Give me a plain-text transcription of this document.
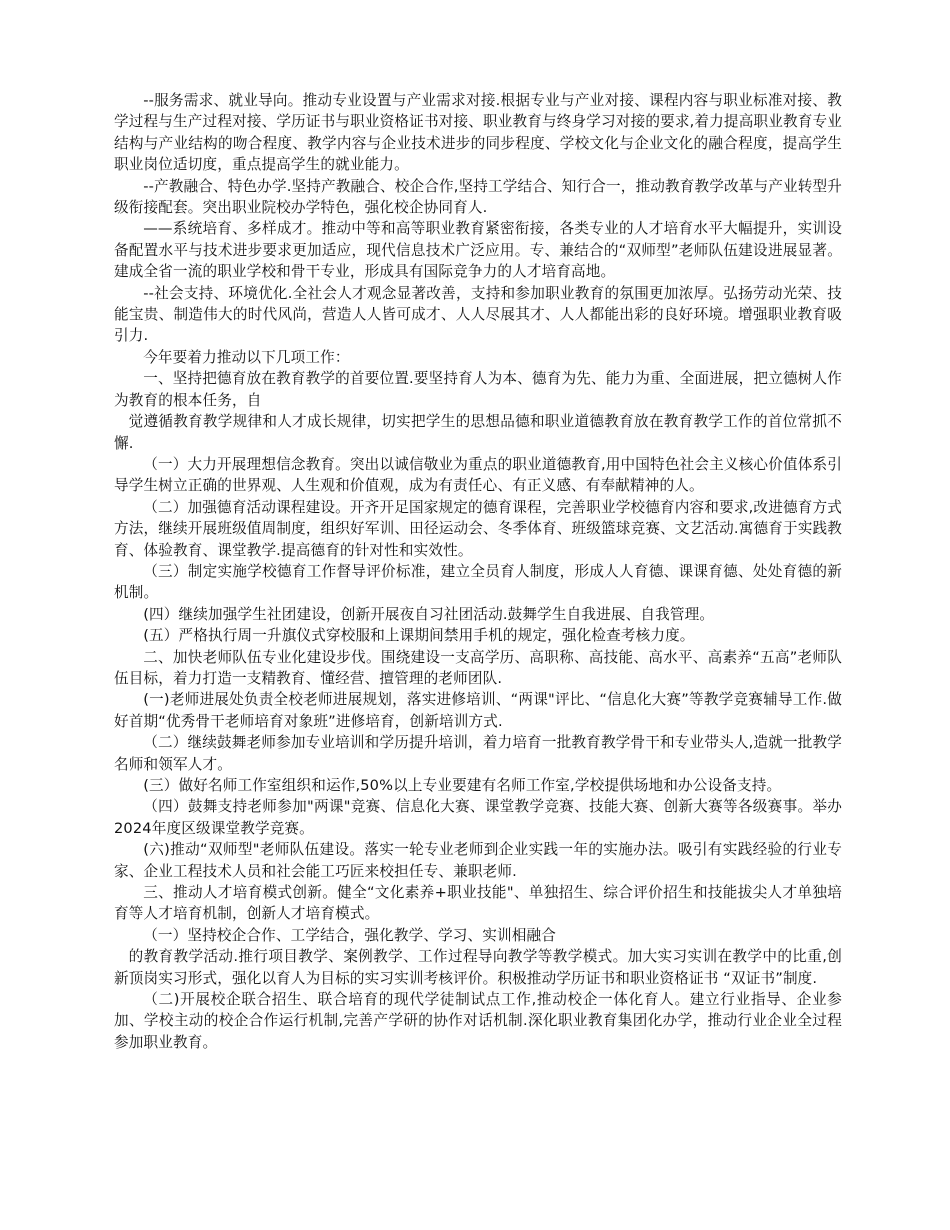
--服务需求、就业导向。推动专业设置与产业需求对接.根据专业与产业对接、课程内容与职业标准对接、教学过程与生产过程对接、学历证书与职业资格证书对接、职业教育与终身学习对接的要求,着力提高职业教育专业结构与产业结构的吻合程度、教学内容与企业技术进步的同步程度、学校文化与企业文化的融合程度，提高学生职业岗位适切度，重点提高学生的就业能力。

--产教融合、特色办学.坚持产教融合、校企合作,坚持工学结合、知行合一，推动教育教学改革与产业转型升级衔接配套。突出职业院校办学特色，强化校企协同育人.

——系统培育、多样成才。推动中等和高等职业教育紧密衔接，各类专业的人才培育水平大幅提升，实训设备配置水平与技术进步要求更加适应，现代信息技术广泛应用。专、兼结合的“双师型”老师队伍建设进展显著。建成全省一流的职业学校和骨干专业，形成具有国际竞争力的人才培育高地。

--社会支持、环境优化.全社会人才观念显著改善，支持和参加职业教育的氛围更加浓厚。弘扬劳动光荣、技能宝贵、制造伟大的时代风尚，营造人人皆可成才、人人尽展其才、人人都能出彩的良好环境。增强职业教育吸引力.

今年要着力推动以下几项工作：

一、坚持把德育放在教育教学的首要位置.要坚持育人为本、德育为先、能力为重、全面进展，把立德树人作为教育的根本任务，自

觉遵循教育教学规律和人才成长规律，切实把学生的思想品德和职业道德教育放在教育教学工作的首位常抓不懈.

（一）大力开展理想信念教育。突出以诚信敬业为重点的职业道德教育,用中国特色社会主义核心价值体系引导学生树立正确的世界观、人生观和价值观，成为有责任心、有正义感、有奉献精神的人。

（二）加强德育活动课程建设。开齐开足国家规定的德育课程，完善职业学校德育内容和要求,改进德育方式方法，继续开展班级值周制度，组织好军训、田径运动会、冬季体育、班级篮球竞赛、文艺活动.寓德育于实践教育、体验教育、课堂教学.提高德育的针对性和实效性。

（三）制定实施学校德育工作督导评价标准，建立全员育人制度，形成人人育德、课课育德、处处育德的新机制。

(四）继续加强学生社团建设，创新开展夜自习社团活动.鼓舞学生自我进展、自我管理。

(五）严格执行周一升旗仪式穿校服和上课期间禁用手机的规定，强化检查考核力度。

二、加快老师队伍专业化建设步伐。围绕建设一支高学历、高职称、高技能、高水平、高素养“五高”老师队伍目标，着力打造一支精教育、懂经营、擅管理的老师团队.

(一)老师进展处负责全校老师进展规划，落实进修培训、“两课"评比、“信息化大赛”等教学竞赛辅导工作.做好首期“优秀骨干老师培育对象班”进修培育，创新培训方式.

（二）继续鼓舞老师参加专业培训和学历提升培训，着力培育一批教育教学骨干和专业带头人,造就一批教学名师和领军人才。

(三）做好名师工作室组织和运作,50%以上专业要建有名师工作室,学校提供场地和办公设备支持。

（四）鼓舞支持老师参加"两课"竞赛、信息化大赛、课堂教学竞赛、技能大赛、创新大赛等各级赛事。举办2024年度区级课堂教学竞赛。

(六)推动“双师型"老师队伍建设。落实一轮专业老师到企业实践一年的实施办法。吸引有实践经验的行业专家、企业工程技术人员和社会能工巧匠来校担任专、兼职老师.

三、推动人才培育模式创新。健全“文化素养+职业技能"、单独招生、综合评价招生和技能拔尖人才单独培育等人才培育机制，创新人才培育模式。

（一）坚持校企合作、工学结合，强化教学、学习、实训相融合

的教育教学活动.推行项目教学、案例教学、工作过程导向教学等教学模式。加大实习实训在教学中的比重,创新顶岗实习形式，强化以育人为目标的实习实训考核评价。积极推动学历证书和职业资格证书 “双证书”制度.

（二)开展校企联合招生、联合培育的现代学徒制试点工作,推动校企一体化育人。建立行业指导、企业参加、学校主动的校企合作运行机制,完善产学研的协作对话机制.深化职业教育集团化办学，推动行业企业全过程参加职业教育。
